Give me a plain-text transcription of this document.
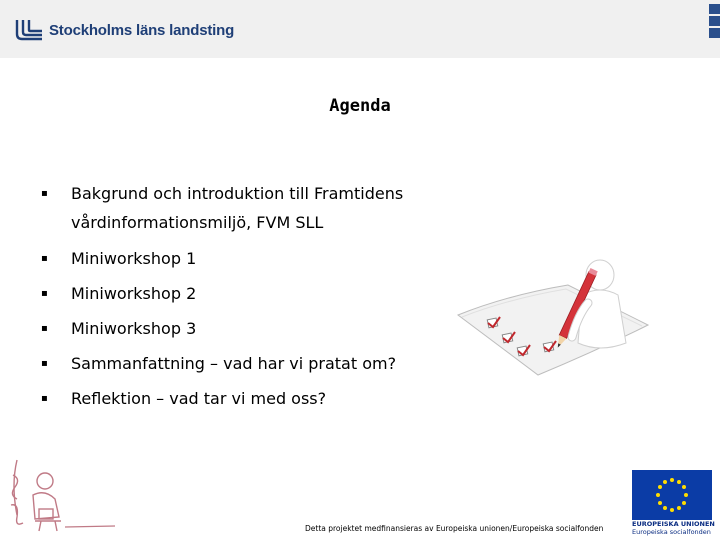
Stockholms läns landsting
Agenda
▪ Bakgrund och introduktion till Framtidens
vårdinformationsmiljö, FVM SLL
▪ Miniworkshop 1
▪ Miniworkshop 2
▪ Miniworkshop 3
▪ Sammanfattning – vad har vi pratat om?
▪ Reflektion – vad tar vi med oss?
EUROPEISKA UNIONEN
Europeiska socialfonden
Detta projektet medfinansieras av Europeiska unionen/Europeiska socialfonden
